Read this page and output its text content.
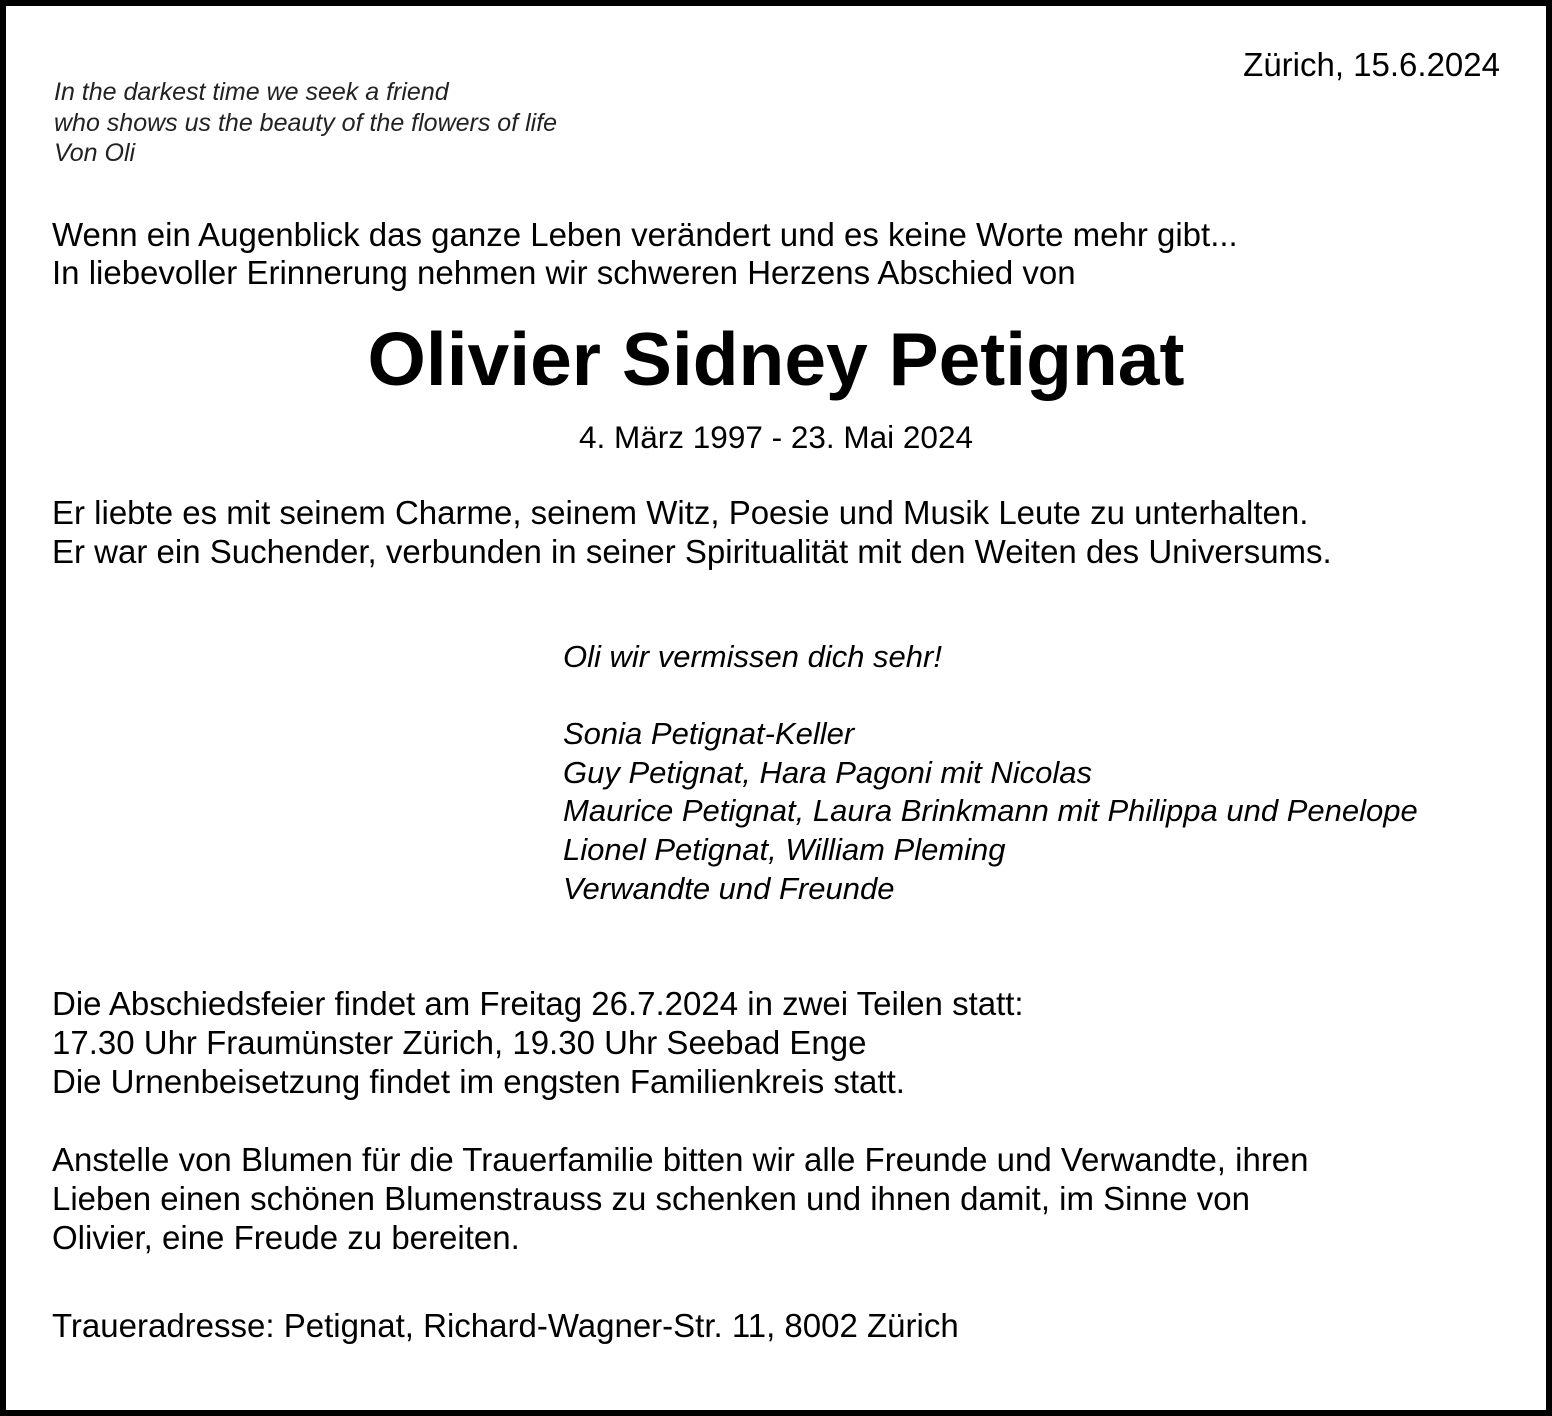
Zürich, 15.6.2024

In the darkest time we seek a friend

who shows us the beauty of the flowers of life

Von Oli

Wenn ein Augenblick das ganze Leben verändert und es keine Worte mehr gibt...

In liebevoller Erinnerung nehmen wir schweren Herzens Abschied von

Olivier Sidney Petignat

4. März 1997 - 23. Mai 2024

Er liebte es mit seinem Charme, seinem Witz, Poesie und Musik Leute zu unterhalten.

Er war ein Suchender, verbunden in seiner Spiritualität mit den Weiten des Universums.

Oli wir vermissen dich sehr!

Sonia Petignat-Keller

Guy Petignat, Hara Pagoni mit Nicolas

Maurice Petignat, Laura Brinkmann mit Philippa und Penelope

Lionel Petignat, William Pleming

Verwandte und Freunde

Die Abschiedsfeier findet am Freitag 26.7.2024 in zwei Teilen statt:

17.30 Uhr Fraumünster Zürich, 19.30 Uhr Seebad Enge

Die Urnenbeisetzung findet im engsten Familienkreis statt.

Anstelle von Blumen für die Trauerfamilie bitten wir alle Freunde und Verwandte, ihren

Lieben einen schönen Blumenstrauss zu schenken und ihnen damit, im Sinne von

Olivier, eine Freude zu bereiten.

Traueradresse: Petignat, Richard-Wagner-Str. 11, 8002 Zürich
